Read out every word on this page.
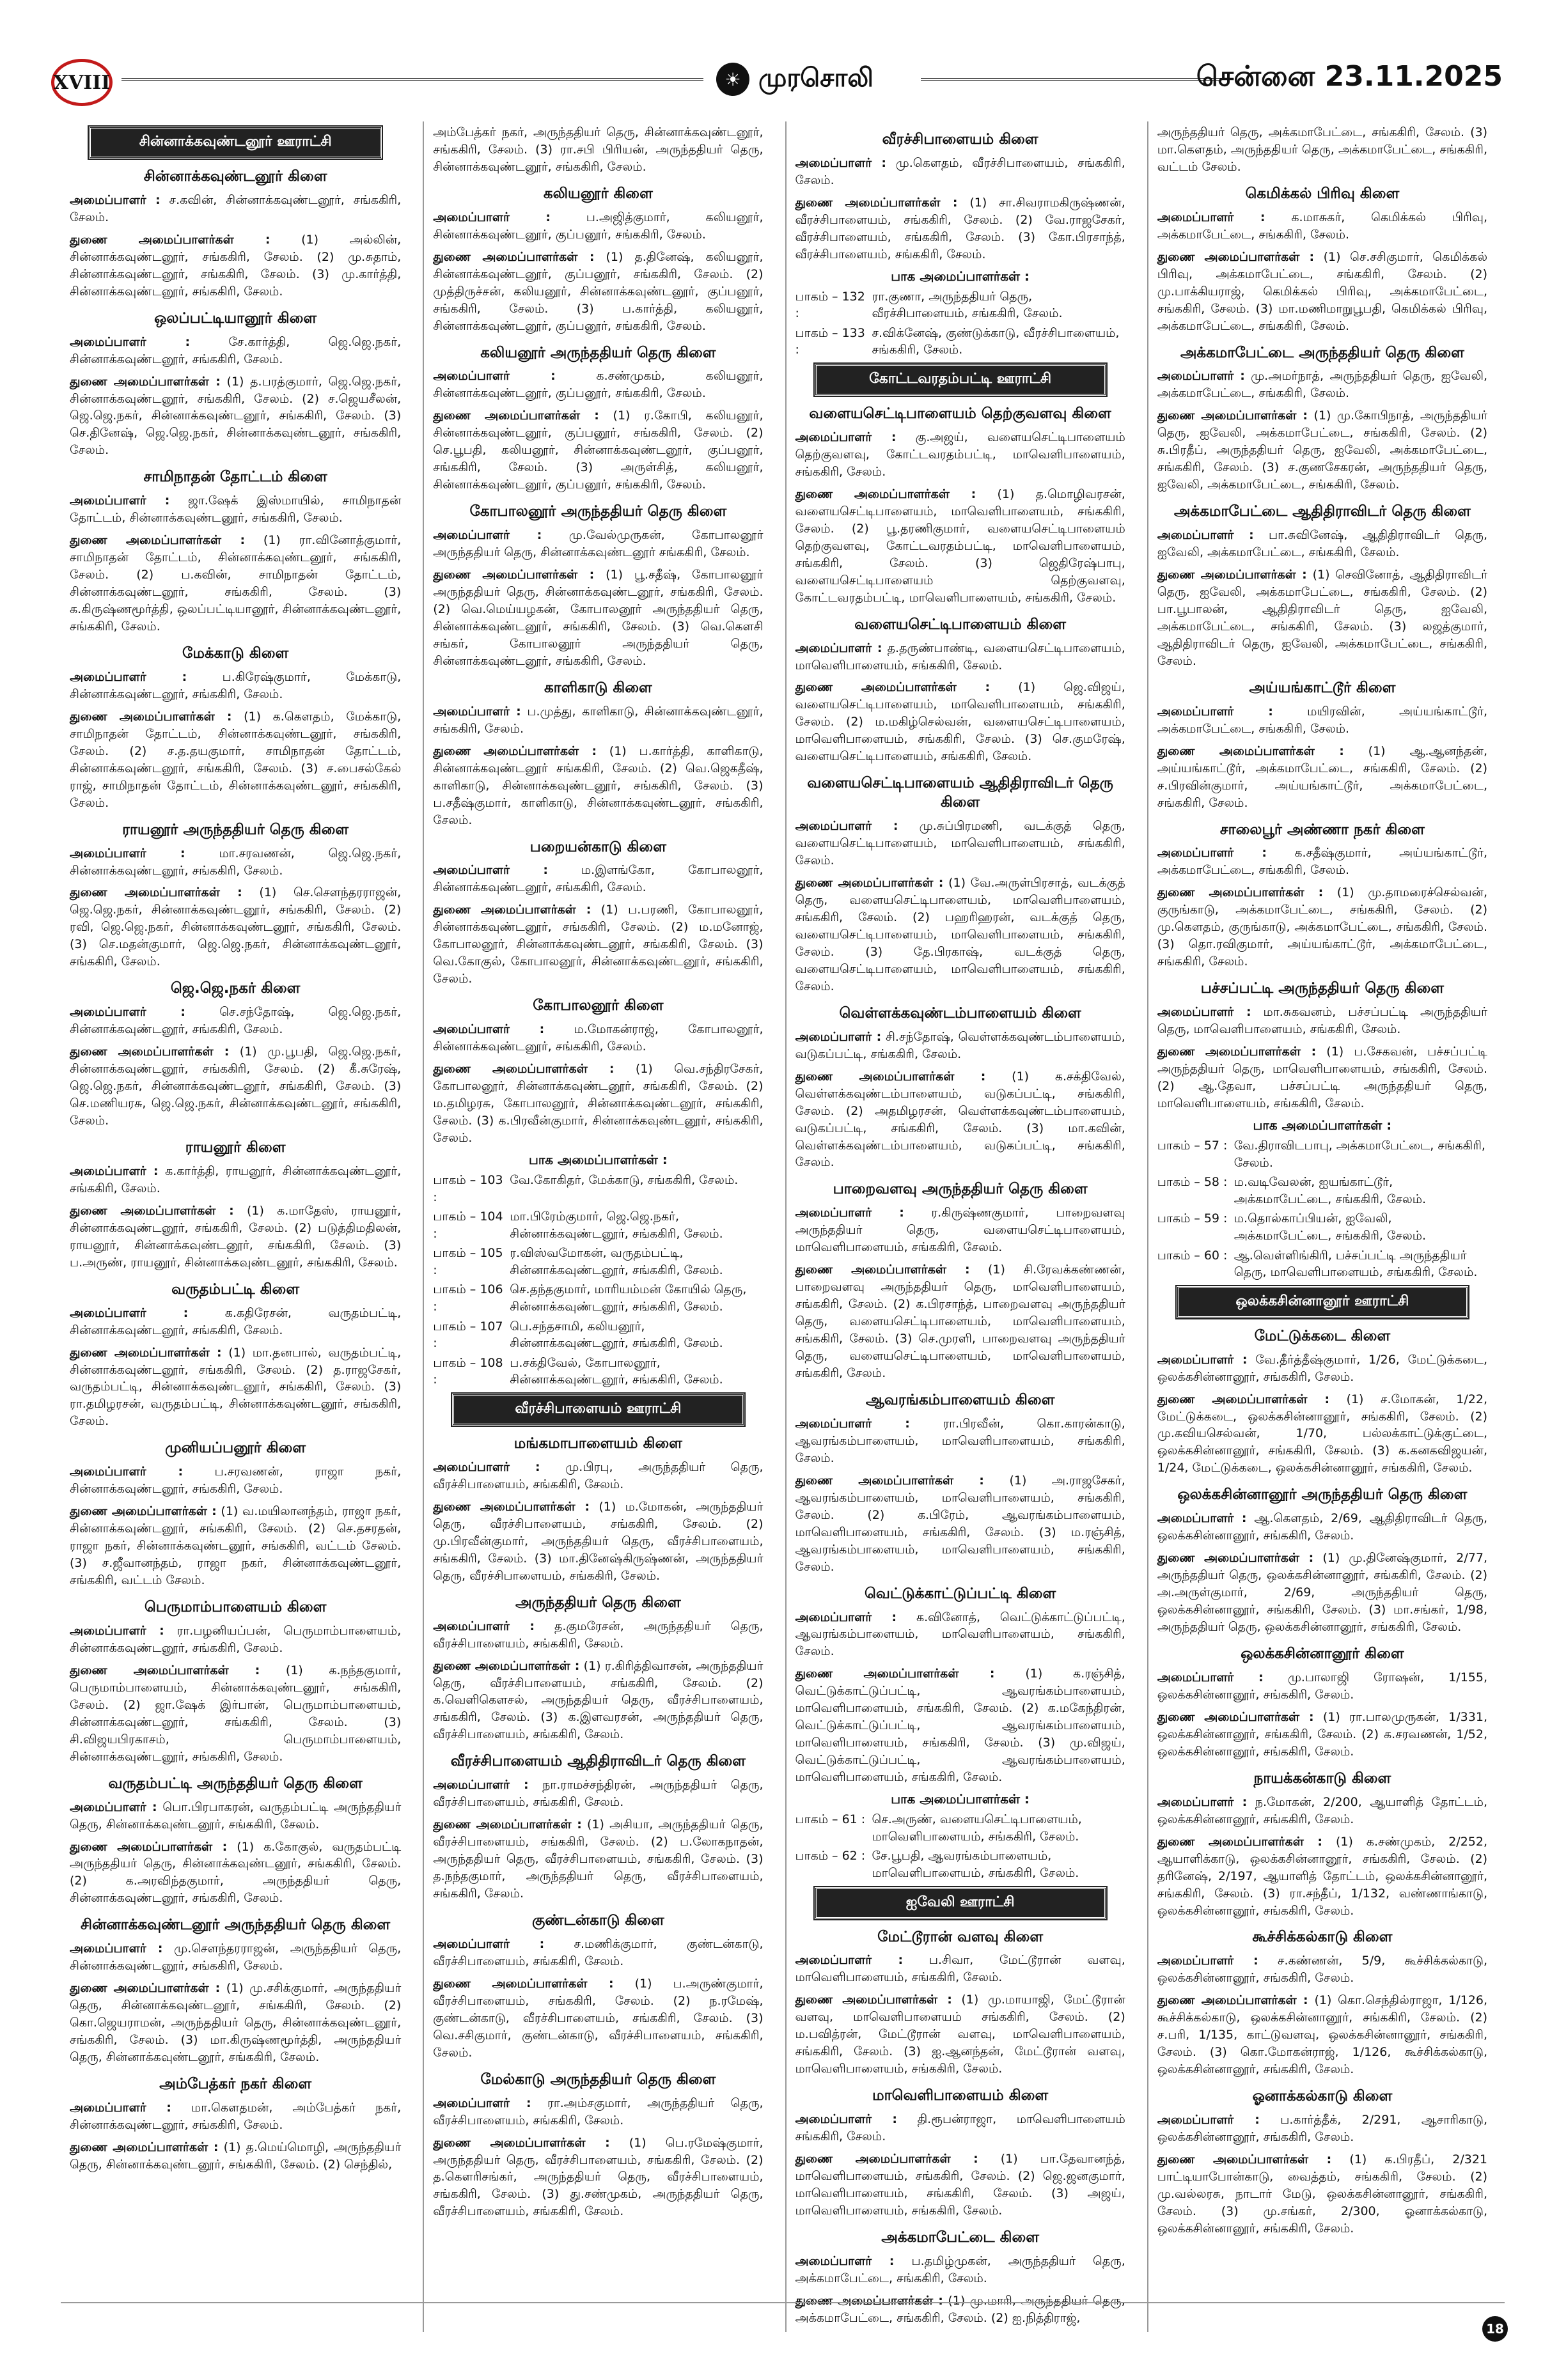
XVIII	☀ முரசொலி	சென்னை 23.11.2025
சின்னாக்கவுண்டனூர் ஊராட்சி
சின்னாக்கவுண்டனூர் கிளை
அமைப்பாளர் : ச.கவின், சின்னாக்கவுண்டனூர், சங்ககிரி, சேலம்.
துணை அமைப்பாளர்கள் :	(1) அல்லின், சின்னாக்கவுண்டனூர், சங்ககிரி, சேலம். (2) மு.சுதாம், சின்னாக்கவுண்டனூர், சங்ககிரி, சேலம். (3) மு.கார்த்தி, சின்னாக்கவுண்டனூர், சங்ககிரி, சேலம்.
ஒலப்பட்டியானூர் கிளை
அமைப்பாளர் :	சே.கார்த்தி, ஜெ.ஜெ.நகர், சின்னாக்கவுண்டனூர், சங்ககிரி, சேலம்.
துணை அமைப்பாளர்கள் : (1) த.பரத்குமார், ஜெ.ஜெ.நகர், சின்னாக்கவுண்டனூர், சங்ககிரி, சேலம். (2) ச.ஜெயசீலன், ஜெ.ஜெ.நகர், சின்னாக்கவுண்டனூர், சங்ககிரி, சேலம். (3) செ.தினேஷ், ஜெ.ஜெ.நகர், சின்னாக்கவுண்டனூர், சங்ககிரி, சேலம்.
சாமிநாதன் தோட்டம் கிளை
அமைப்பாளர் : ஜா.ஷேக் இஸ்மாயில், சாமிநாதன் தோட்டம், சின்னாக்கவுண்டனூர், சங்ககிரி, சேலம்.
துணை அமைப்பாளர்கள் : (1) ரா.வினோத்குமார், சாமிநாதன் தோட்டம், சின்னாக்கவுண்டனூர், சங்ககிரி, சேலம். (2) ப.கவின், சாமிநாதன் தோட்டம், சின்னாக்கவுண்டனூர், சங்ககிரி, சேலம். (3) க.கிருஷ்ணமூர்த்தி, ஒலப்பட்டியானூர், சின்னாக்கவுண்டனூர், சங்ககிரி, சேலம்.
மேக்காடு கிளை
அமைப்பாளர் :	ப.கிரேஷ்குமார், மேக்காடு, சின்னாக்கவுண்டனூர், சங்ககிரி, சேலம்.
துணை அமைப்பாளர்கள் : (1) க.கௌதம், மேக்காடு, சாமிநாதன் தோட்டம், சின்னாக்கவுண்டனூர், சங்ககிரி, சேலம். (2) ச.த.தயகுமார், சாமிநாதன் தோட்டம், சின்னாக்கவுண்டனூர், சங்ககிரி, சேலம். (3) ச.பைசல்கேல் ராஜ், சாமிநாதன் தோட்டம், சின்னாக்கவுண்டனூர், சங்ககிரி, சேலம்.
ராயனூர் அருந்ததியர் தெரு கிளை
அமைப்பாளர் :	மா.சரவணன், ஜெ.ஜெ.நகர், சின்னாக்கவுண்டனூர், சங்ககிரி, சேலம்.
துணை அமைப்பாளர்கள் : (1) செ.சௌந்தரராஜன், ஜெ.ஜெ.நகர், சின்னாக்கவுண்டனூர், சங்ககிரி, சேலம். (2) ரவி, ஜெ.ஜெ.நகர், சின்னாக்கவுண்டனூர், சங்ககிரி, சேலம். (3) செ.மதன்குமார், ஜெ.ஜெ.நகர், சின்னாக்கவுண்டனூர், சங்ககிரி, சேலம்.
ஜெ.ஜெ.நகர் கிளை
அமைப்பாளர் :	செ.சந்தோஷ், ஜெ.ஜெ.நகர், சின்னாக்கவுண்டனூர், சங்ககிரி, சேலம்.
துணை அமைப்பாளர்கள் : (1) மு.பூபதி, ஜெ.ஜெ.நகர், சின்னாக்கவுண்டனூர், சங்ககிரி, சேலம். (2) கீ.சுரேஷ், ஜெ.ஜெ.நகர், சின்னாக்கவுண்டனூர், சங்ககிரி, சேலம். (3) செ.மணியரசு, ஜெ.ஜெ.நகர், சின்னாக்கவுண்டனூர், சங்ககிரி, சேலம்.
ராயனூர் கிளை
அமைப்பாளர் : க.கார்த்தி, ராயனூர், சின்னாக்கவுண்டனூர், சங்ககிரி, சேலம்.
துணை அமைப்பாளர்கள் : (1) க.மாதேஸ், ராயனூர், சின்னாக்கவுண்டனூர், சங்ககிரி, சேலம். (2) படுத்திமதிலன், ராயனூர், சின்னாக்கவுண்டனூர், சங்ககிரி, சேலம். (3) ப.அருண், ராயனூர், சின்னாக்கவுண்டனூர், சங்ககிரி, சேலம்.
வருதம்பட்டி கிளை
அமைப்பாளர் :	க.கதிரேசன், வருதம்பட்டி, சின்னாக்கவுண்டனூர், சங்ககிரி, சேலம்.
துணை அமைப்பாளர்கள் : (1) மா.தனபால், வருதம்பட்டி, சின்னாக்கவுண்டனூர், சங்ககிரி, சேலம். (2) த.ராஜசேகர், வருதம்பட்டி, சின்னாக்கவுண்டனூர், சங்ககிரி, சேலம். (3) ரா.தமிழரசன், வருதம்பட்டி, சின்னாக்கவுண்டனூர், சங்ககிரி, சேலம்.
முனியப்பனூர் கிளை
அமைப்பாளர் :	ப.சரவணன், ராஜா நகர், சின்னாக்கவுண்டனூர், சங்ககிரி, சேலம்.
துணை அமைப்பாளர்கள் : (1) வ.மயிலானந்தம், ராஜா நகர், சின்னாக்கவுண்டனூர், சங்ககிரி, சேலம். (2) செ.தசரதன், ராஜா நகர், சின்னாக்கவுண்டனூர், சங்ககிரி, வட்டம் சேலம். (3) ச.ஜீவானந்தம், ராஜா நகர், சின்னாக்கவுண்டனூர், சங்ககிரி, வட்டம் சேலம்.
பெருமாம்பாளையம் கிளை
அமைப்பாளர் : ரா.பழனியப்பன், பெருமாம்பாளையம், சின்னாக்கவுண்டனூர், சங்ககிரி, சேலம்.
துணை அமைப்பாளர்கள் : (1) க.நந்தகுமார், பெருமாம்பாளையம், சின்னாக்கவுண்டனூர், சங்ககிரி, சேலம். (2) ஜா.ஷேக் இர்பான், பெருமாம்பாளையம், சின்னாக்கவுண்டனூர், சங்ககிரி, சேலம். (3) சி.விஜயபிரகாசம், பெருமாம்பாளையம், சின்னாக்கவுண்டனூர், சங்ககிரி, சேலம்.
வருதம்பட்டி அருந்ததியர் தெரு கிளை
அமைப்பாளர் : பொ.பிரபாகரன், வருதம்பட்டி அருந்ததியர் தெரு, சின்னாக்கவுண்டனூர், சங்ககிரி, சேலம்.
துணை அமைப்பாளர்கள் : (1) க.கோகுல், வருதம்பட்டி அருந்ததியர் தெரு, சின்னாக்கவுண்டனூர், சங்ககிரி, சேலம். (2) க.அரவிந்தகுமார், அருந்ததியர் தெரு, சின்னாக்கவுண்டனூர், சங்ககிரி, சேலம்.
சின்னாக்கவுண்டனூர் அருந்ததியர் தெரு கிளை
அமைப்பாளர் : மு.சௌந்தரராஜன், அருந்ததியர் தெரு, சின்னாக்கவுண்டனூர், சங்ககிரி, சேலம்.
துணை அமைப்பாளர்கள் : (1) மு.சசிக்குமார், அருந்ததியர் தெரு, சின்னாக்கவுண்டனூர், சங்ககிரி, சேலம். (2) கொ.ஜெயராமன், அருந்ததியர் தெரு, சின்னாக்கவுண்டனூர், சங்ககிரி, சேலம். (3) மா.கிருஷ்ணமூர்த்தி, அருந்ததியர் தெரு, சின்னாக்கவுண்டனூர், சங்ககிரி, சேலம்.
அம்பேத்கர் நகர் கிளை
அமைப்பாளர் : மா.கௌதமன், அம்பேத்கர் நகர், சின்னாக்கவுண்டனூர், சங்ககிரி, சேலம்.
துணை அமைப்பாளர்கள் : (1) த.மெய்மொழி, அருந்ததியர் தெரு, சின்னாக்கவுண்டனூர், சங்ககிரி, சேலம். (2) செந்தில்,
அம்பேத்கர் நகர், அருந்ததியர் தெரு, சின்னாக்கவுண்டனூர், சங்ககிரி, சேலம். (3) ரா.சபி பிரியன், அருந்ததியர் தெரு, சின்னாக்கவுண்டனூர், சங்ககிரி, சேலம்.
கலியனூர் கிளை
அமைப்பாளர் :	ப.அஜித்குமார், கலியனூர், சின்னாக்கவுண்டனூர், குப்பனூர், சங்ககிரி, சேலம்.
துணை அமைப்பாளர்கள் : (1) த.தினேஷ், கலியனூர், சின்னாக்கவுண்டனூர், குப்பனூர், சங்ககிரி, சேலம். (2) முத்திருச்சன், கலியனூர், சின்னாக்கவுண்டனூர், குப்பனூர், சங்ககிரி, சேலம். (3) ப.கார்த்தி, கலியனூர், சின்னாக்கவுண்டனூர், குப்பனூர், சங்ககிரி, சேலம்.
கலியனூர் அருந்ததியர் தெரு கிளை
அமைப்பாளர் :	க.சண்முகம், கலியனூர், சின்னாக்கவுண்டனூர், குப்பனூர், சங்ககிரி, சேலம்.
துணை அமைப்பாளர்கள் : (1) ர.கோபி, கலியனூர், சின்னாக்கவுண்டனூர், குப்பனூர், சங்ககிரி, சேலம். (2) செ.பூபதி, கலியனூர், சின்னாக்கவுண்டனூர், குப்பனூர், சங்ககிரி, சேலம். (3) அருள்சித், கலியனூர், சின்னாக்கவுண்டனூர், குப்பனூர், சங்ககிரி, சேலம்.
கோபாலனூர் அருந்ததியர் தெரு கிளை
அமைப்பாளர் : மு.வேல்முருகன், கோபாலனூர் அருந்ததியர் தெரு, சின்னாக்கவுண்டனூர் சங்ககிரி, சேலம்.
துணை அமைப்பாளர்கள் : (1) பூ.சதீஷ், கோபாலனூர் அருந்ததியர் தெரு, சின்னாக்கவுண்டனூர், சங்ககிரி, சேலம். (2) வெ.மெய்யழகன், கோபாலனூர் அருந்ததியர் தெரு, சின்னாக்கவுண்டனூர், சங்ககிரி, சேலம். (3) வெ.கௌசி சங்கர், கோபாலனூர் அருந்ததியர் தெரு, சின்னாக்கவுண்டனூர், சங்ககிரி, சேலம்.
காளிகாடு கிளை
அமைப்பாளர் : ப.முத்து, காளிகாடு, சின்னாக்கவுண்டனூர், சங்ககிரி, சேலம்.
துணை அமைப்பாளர்கள் : (1) ப.கார்த்தி, காளிகாடு, சின்னாக்கவுண்டனூர் சங்ககிரி, சேலம். (2) வெ.ஜெகதீஷ், காளிகாடு, சின்னாக்கவுண்டனூர், சங்ககிரி, சேலம். (3) ப.சதீஷ்குமார், காளிகாடு, சின்னாக்கவுண்டனூர், சங்ககிரி, சேலம்.
பறையன்காடு கிளை
அமைப்பாளர் :	ம.இளங்கோ, கோபாலனூர், சின்னாக்கவுண்டனூர், சங்ககிரி, சேலம்.
துணை அமைப்பாளர்கள் : (1) ப.பரணி, கோபாலனூர், சின்னாக்கவுண்டனூர், சங்ககிரி, சேலம். (2) ம.மனோஜ், கோபாலனூர், சின்னாக்கவுண்டனூர், சங்ககிரி, சேலம். (3) வெ.கோகுல், கோபாலனூர், சின்னாக்கவுண்டனூர், சங்ககிரி, சேலம்.
கோபாலனூர் கிளை
அமைப்பாளர் : ம.மோகன்ராஜ், கோபாலனூர், சின்னாக்கவுண்டனூர், சங்ககிரி, சேலம்.
துணை அமைப்பாளர்கள் : (1) வெ.சந்திரசேகர், கோபாலனூர், சின்னாக்கவுண்டனூர், சங்ககிரி, சேலம். (2) ம.தமிழரசு, கோபாலனூர், சின்னாக்கவுண்டனூர், சங்ககிரி, சேலம். (3) க.பிரவீன்குமார், சின்னாக்கவுண்டனூர், சங்ககிரி, சேலம்.
பாக அமைப்பாளர்கள் :
பாகம் – 103 :
வே.கோகிதர், மேக்காடு, சங்ககிரி, சேலம்.
பாகம் – 104 :
மா.பிரேம்குமார், ஜெ.ஜெ.நகர், சின்னாக்கவுண்டனூர், சங்ககிரி, சேலம்.
பாகம் – 105 :
ர.விஸ்வமோகன், வருதம்பட்டி, சின்னாக்கவுண்டனூர், சங்ககிரி, சேலம்.
பாகம் – 106 :
செ.தந்தகுமார், மாரியம்மன் கோயில் தெரு, சின்னாக்கவுண்டனூர், சங்ககிரி, சேலம்.
பாகம் – 107 :
பெ.சந்தசாமி, கலியனூர், சின்னாக்கவுண்டனூர், சங்ககிரி, சேலம்.
பாகம் – 108 :
ப.சக்திவேல், கோபாலனூர், சின்னாக்கவுண்டனூர், சங்ககிரி, சேலம்.
வீரச்சிபாளையம் ஊராட்சி
மங்கமாபாளையம் கிளை
அமைப்பாளர் : மு.பிரபு, அருந்ததியர் தெரு, வீரச்சிபாளையம், சங்ககிரி, சேலம்.
துணை அமைப்பாளர்கள் : (1) ம.மோகன், அருந்ததியர் தெரு, வீரச்சிபாளையம், சங்ககிரி, சேலம். (2) மு.பிரவீன்குமார், அருந்ததியர் தெரு, வீரச்சிபாளையம், சங்ககிரி, சேலம். (3) மா.தினேஷ்கிருஷ்ணன், அருந்ததியர் தெரு, வீரச்சிபாளையம், சங்ககிரி, சேலம்.
அருந்ததியர் தெரு கிளை
அமைப்பாளர் : த.குமரேசன், அருந்ததியர் தெரு, வீரச்சிபாளையம், சங்ககிரி, சேலம்.
துணை அமைப்பாளர்கள் : (1) ர.கிரித்திவாசன், அருந்ததியர் தெரு, வீரச்சிபாளையம், சங்ககிரி, சேலம். (2) க.வெளிகௌசல், அருந்ததியர் தெரு, வீரச்சிபாளையம், சங்ககிரி, சேலம். (3) க.இளவரசன், அருந்ததியர் தெரு, வீரச்சிபாளையம், சங்ககிரி, சேலம்.
வீரச்சிபாளையம் ஆதிதிராவிடர் தெரு கிளை
அமைப்பாளர் : நா.ராமச்சந்திரன், அருந்ததியர் தெரு, வீரச்சிபாளையம், சங்ககிரி, சேலம்.
துணை அமைப்பாளர்கள் : (1) அசியா, அருந்ததியர் தெரு, வீரச்சிபாளையம், சங்ககிரி, சேலம். (2) ப.லோகநாதன், அருந்ததியர் தெரு, வீரச்சிபாளையம், சங்ககிரி, சேலம். (3) த.நந்தகுமார், அருந்ததியர் தெரு, வீரச்சிபாளையம், சங்ககிரி, சேலம்.
குண்டன்காடு கிளை
அமைப்பாளர் : ச.மணிக்குமார், குண்டன்காடு, வீரச்சிபாளையம், சங்ககிரி, சேலம்.
துணை அமைப்பாளர்கள் : (1) ப.அருண்குமார், வீரச்சிபாளையம், சங்ககிரி, சேலம். (2) ந.ரமேஷ், குண்டன்காடு, வீரச்சிபாளையம், சங்ககிரி, சேலம். (3) வெ.சசிகுமார், குண்டன்காடு, வீரச்சிபாளையம், சங்ககிரி, சேலம்.
மேல்காடு அருந்ததியர் தெரு கிளை
அமைப்பாளர் : ரா.அம்சகுமார், அருந்ததியர் தெரு, வீரச்சிபாளையம், சங்ககிரி, சேலம்.
துணை அமைப்பாளர்கள் : (1) பெ.ரமேஷ்குமார், அருந்ததியர் தெரு, வீரச்சிபாளையம், சங்ககிரி, சேலம். (2) த.கௌரிசங்கர், அருந்ததியர் தெரு, வீரச்சிபாளையம், சங்ககிரி, சேலம். (3) து.சண்முகம், அருந்ததியர் தெரு, வீரச்சிபாளையம், சங்ககிரி, சேலம்.
வீரச்சிபாளையம் கிளை
அமைப்பாளர் : மு.கௌதம், வீரச்சிபாளையம், சங்ககிரி, சேலம்.
துணை அமைப்பாளர்கள் : (1) சா.சிவராமகிருஷ்ணன், வீரச்சிபாளையம், சங்ககிரி, சேலம். (2) வே.ராஜசேகர், வீரச்சிபாளையம், சங்ககிரி, சேலம். (3) கோ.பிரசாந்த், வீரச்சிபாளையம், சங்ககிரி, சேலம்.
பாக அமைப்பாளர்கள் :
பாகம் – 132 :
ரா.குணா, அருந்ததியர் தெரு, வீரச்சிபாளையம், சங்ககிரி, சேலம்.
பாகம் – 133 :
ச.விக்னேஷ், குண்டுக்காடு, வீரச்சிபாளையம், சங்ககிரி, சேலம்.
கோட்டவரதம்பட்டி ஊராட்சி
வளையசெட்டிபாளையம் தெற்குவளவு கிளை
அமைப்பாளர் : கு.அஜய், வளையசெட்டிபாளையம் தெற்குவளவு, கோட்டவரதம்பட்டி, மாவெளிபாளையம், சங்ககிரி, சேலம்.
துணை அமைப்பாளர்கள் : (1) த.மொழிவரசன், வளையசெட்டிபாளையம், மாவெளிபாளையம், சங்ககிரி, சேலம். (2) பூ.தரணிகுமார், வளையசெட்டிபாளையம் தெற்குவளவு, கோட்டவரதம்பட்டி, மாவெளிபாளையம், சங்ககிரி, சேலம். (3) ஜெதிரேஷ்பாபு, வளையசெட்டிபாளையம் தெற்குவளவு, கோட்டவரதம்பட்டி, மாவெளிபாளையம், சங்ககிரி, சேலம்.
வளையசெட்டிபாளையம் கிளை
அமைப்பாளர் : த.தருண்பாண்டி, வளையசெட்டிபாளையம், மாவெளிபாளையம், சங்ககிரி, சேலம்.
துணை அமைப்பாளர்கள் : (1) ஜெ.விஜய், வளையசெட்டிபாளையம், மாவெளிபாளையம், சங்ககிரி, சேலம். (2) ம.மகிழ்செல்வன், வளையசெட்டிபாளையம், மாவெளிபாளையம், சங்ககிரி, சேலம். (3) செ.குமரேஷ், வளையசெட்டிபாளையம், சங்ககிரி, சேலம்.
வளையசெட்டிபாளையம் ஆதிதிராவிடர் தெரு கிளை
அமைப்பாளர் : மு.சுப்பிரமணி, வடக்குத் தெரு, வளையசெட்டிபாளையம், மாவெளிபாளையம், சங்ககிரி, சேலம்.
துணை அமைப்பாளர்கள் : (1) வே.அருள்பிரசாத், வடக்குத் தெரு, வளையசெட்டிபாளையம், மாவெளிபாளையம், சங்ககிரி, சேலம். (2) பஹரிஹரன், வடக்குத் தெரு, வளையசெட்டிபாளையம், மாவெளிபாளையம், சங்ககிரி, சேலம். (3) தே.பிரகாஷ், வடக்குத் தெரு, வளையசெட்டிபாளையம், மாவெளிபாளையம், சங்ககிரி, சேலம்.
வெள்ளக்கவுண்டம்பாளையம் கிளை
அமைப்பாளர் : சி.சந்தோஷ், வெள்ளக்கவுண்டம்பாளையம், வடுகப்பட்டி, சங்ககிரி, சேலம்.
துணை அமைப்பாளர்கள் : (1) க.சக்திவேல், வெள்ளக்கவுண்டம்பாளையம், வடுகப்பட்டி, சங்ககிரி, சேலம். (2) அதமிழரசன், வெள்ளக்கவுண்டம்பாளையம், வடுகப்பட்டி, சங்ககிரி, சேலம். (3) மா.கவின், வெள்ளக்கவுண்டம்பாளையம், வடுகப்பட்டி, சங்ககிரி, சேலம்.
பாறைவளவு அருந்ததியர் தெரு கிளை
அமைப்பாளர் : ர.கிருஷ்ணகுமார், பாறைவளவு அருந்ததியர் தெரு, வளையசெட்டிபாளையம், மாவெளிபாளையம், சங்ககிரி, சேலம்.
துணை அமைப்பாளர்கள் : (1) சி.ரேவக்கண்ணன், பாறைவளவு அருந்ததியர் தெரு, மாவெளிபாளையம், சங்ககிரி, சேலம். (2) க.பிரசாந்த், பாறைவளவு அருந்ததியர் தெரு, வளையசெட்டிபாளையம், மாவெளிபாளையம், சங்ககிரி, சேலம். (3) செ.முரளி, பாறைவளவு அருந்ததியர் தெரு, வளையசெட்டிபாளையம், மாவெளிபாளையம், சங்ககிரி, சேலம்.
ஆவரங்கம்பாளையம் கிளை
அமைப்பாளர் :	ரா.பிரவீன், கொ.காரன்காடு, ஆவரங்கம்பாளையம், மாவெளிபாளையம், சங்ககிரி, சேலம்.
துணை அமைப்பாளர்கள் : (1) அ.ராஜசேகர், ஆவரங்கம்பாளையம், மாவெளிபாளையம், சங்ககிரி, சேலம். (2) க.பிரேம், ஆவரங்கம்பாளையம், மாவெளிபாளையம், சங்ககிரி, சேலம். (3) ம.ரஞ்சித், ஆவரங்கம்பாளையம், மாவெளிபாளையம், சங்ககிரி, சேலம்.
வெட்டுக்காட்டுப்பட்டி கிளை
அமைப்பாளர் : க.வினோத், வெட்டுக்காட்டுப்பட்டி, ஆவரங்கம்பாளையம், மாவெளிபாளையம், சங்ககிரி, சேலம்.
துணை அமைப்பாளர்கள் :	(1) க.ரஞ்சித், வெட்டுக்காட்டுப்பட்டி, ஆவரங்கம்பாளையம், மாவெளிபாளையம், சங்ககிரி, சேலம். (2) க.மகேந்திரன், வெட்டுக்காட்டுப்பட்டி, ஆவரங்கம்பாளையம், மாவெளிபாளையம், சங்ககிரி, சேலம். (3) மு.விஜய், வெட்டுக்காட்டுப்பட்டி, ஆவரங்கம்பாளையம், மாவெளிபாளையம், சங்ககிரி, சேலம்.
பாக அமைப்பாளர்கள் :
பாகம் – 61 : செ.அருண், வளையசெட்டிபாளையம், மாவெளிபாளையம், சங்ககிரி, சேலம்.
பாகம் – 62 : சே.பூபதி, ஆவரங்கம்பாளையம், மாவெளிபாளையம், சங்ககிரி, சேலம்.
ஐவேலி ஊராட்சி
மேட்டூரான் வளவு கிளை
அமைப்பாளர் : ப.சிவா, மேட்டூரான் வளவு, மாவெளிபாளையம், சங்ககிரி, சேலம்.
துணை அமைப்பாளர்கள் : (1) மு.மாயாஜி, மேட்டூரான் வளவு, மாவெளிபாளையம் சங்ககிரி, சேலம். (2) ம.பவித்ரன், மேட்டூரான் வளவு, மாவெளிபாளையம், சங்ககிரி, சேலம். (3) ஐ.ஆனந்தன், மேட்டூரான் வளவு, மாவெளிபாளையம், சங்ககிரி, சேலம்.
மாவெளிபாளையம் கிளை
அமைப்பாளர் : தி.ரூபன்ராஜா, மாவெளிபாளையம் சங்ககிரி, சேலம்.
துணை அமைப்பாளர்கள் : (1) பா.தேவானந்த், மாவெளிபாளையம், சங்ககிரி, சேலம். (2) ஜெ.ஜனகுமார், மாவெளிபாளையம், சங்ககிரி, சேலம். (3) அஜய், மாவெளிபாளையம், சங்ககிரி, சேலம்.
அக்கமாபேட்டை கிளை
அமைப்பாளர் : ப.தமிழ்முகன், அருந்ததியர் தெரு, அக்கமாபேட்டை, சங்ககிரி, சேலம்.
துணை அமைப்பாளர்கள் : (1) மு.மாரி, அருந்ததியர் தெரு, அக்கமாபேட்டை, சங்ககிரி, சேலம். (2) ஐ.நித்திராஜ்,
அருந்ததியர் தெரு, அக்கமாபேட்டை, சங்ககிரி, சேலம். (3) மா.கௌதம், அருந்ததியர் தெரு, அக்கமாபேட்டை, சங்ககிரி, வட்டம் சேலம்.
கெமிக்கல் பிரிவு கிளை
அமைப்பாளர் : க.மாசுகர், கெமிக்கல் பிரிவு, அக்கமாபேட்டை, சங்ககிரி, சேலம்.
துணை அமைப்பாளர்கள் : (1) செ.சசிகுமார், கெமிக்கல் பிரிவு, அக்கமாபேட்டை, சங்ககிரி, சேலம். (2) மு.பாக்கியராஜ், கெமிக்கல் பிரிவு, அக்கமாபேட்டை, சங்ககிரி, சேலம். (3) மா.மணிமாறுபூபதி, கெமிக்கல் பிரிவு, அக்கமாபேட்டை, சங்ககிரி, சேலம்.
அக்கமாபேட்டை அருந்ததியர் தெரு கிளை
அமைப்பாளர் : மு.அமர்நாத், அருந்ததியர் தெரு, ஐவேலி, அக்கமாபேட்டை, சங்ககிரி, சேலம்.
துணை அமைப்பாளர்கள் : (1) மு.கோபிநாத், அருந்ததியர் தெரு, ஐவேலி, அக்கமாபேட்டை, சங்ககிரி, சேலம். (2) சு.பிரதீப், அருந்ததியர் தெரு, ஐவேலி, அக்கமாபேட்டை, சங்ககிரி, சேலம். (3) ச.குணசேகரன், அருந்ததியர் தெரு, ஐவேலி, அக்கமாபேட்டை, சங்ககிரி, சேலம்.
அக்கமாபேட்டை ஆதிதிராவிடர் தெரு கிளை
அமைப்பாளர் : பா.சுவினேஷ், ஆதிதிராவிடர் தெரு, ஐவேலி, அக்கமாபேட்டை, சங்ககிரி, சேலம்.
துணை அமைப்பாளர்கள் : (1) செவினோத், ஆதிதிராவிடர் தெரு, ஐவேலி, அக்கமாபேட்டை, சங்ககிரி, சேலம். (2) பா.பூபாலன், ஆதிதிராவிடர் தெரு, ஐவேலி, அக்கமாபேட்டை, சங்ககிரி, சேலம். (3) லஜத்குமார், ஆதிதிராவிடர் தெரு, ஐவேலி, அக்கமாபேட்டை, சங்ககிரி, சேலம்.
அய்யங்காட்டூர் கிளை
அமைப்பாளர் :	மயிரவின், அய்யங்காட்டூர், அக்கமாபேட்டை, சங்ககிரி, சேலம்.
துணை அமைப்பாளர்கள் : (1) ஆ.ஆனந்தன், அய்யங்காட்டூர், அக்கமாபேட்டை, சங்ககிரி, சேலம். (2) ச.பிரவின்குமார், அய்யங்காட்டூர், அக்கமாபேட்டை, சங்ககிரி, சேலம்.
சாலைபூர் அண்ணா நகர் கிளை
அமைப்பாளர் : க.சதீஷ்குமார், அய்யங்காட்டூர், அக்கமாபேட்டை, சங்ககிரி, சேலம்.
துணை அமைப்பாளர்கள் : (1) மு.தாமரைச்செல்வன், குருங்காடு, அக்கமாபேட்டை, சங்ககிரி, சேலம். (2) மு.கௌதம், குருங்காடு, அக்கமாபேட்டை, சங்ககிரி, சேலம். (3) தொ.ரவிகுமார், அய்யங்காட்டூர், அக்கமாபேட்டை, சங்ககிரி, சேலம்.
பச்சப்பட்டி அருந்ததியர் தெரு கிளை
அமைப்பாளர் : மா.சுகவனம், பச்சப்பட்டி அருந்ததியர் தெரு, மாவெளிபாளையம், சங்ககிரி, சேலம்.
துணை அமைப்பாளர்கள் : (1) ப.சேகவன், பச்சப்பட்டி அருந்ததியர் தெரு, மாவெளிபாளையம், சங்ககிரி, சேலம். (2) ஆ.தேவா, பச்சப்பட்டி அருந்ததியர் தெரு, மாவெளிபாளையம், சங்ககிரி, சேலம்.
பாக அமைப்பாளர்கள் :
பாகம் – 57 : வே.திராவிடபாபு, அக்கமாபேட்டை, சங்ககிரி, சேலம்.
பாகம் – 58 : ம.வடிவேலன், ஐயங்காட்டூர், அக்கமாபேட்டை, சங்ககிரி, சேலம்.
பாகம் – 59 : ம.தொல்காப்பியன், ஐவேலி, அக்கமாபேட்டை, சங்ககிரி, சேலம்.
பாகம் – 60 : ஆ.வெள்ளிங்கிரி, பச்சப்பட்டி அருந்ததியர் தெரு, மாவெளிபாளையம், சங்ககிரி, சேலம்.
ஒலக்கசின்னானூர் ஊராட்சி
மேட்டுக்கடை கிளை
அமைப்பாளர் : வே.தீர்த்தீஷ்குமார், 1/26, மேட்டுக்கடை, ஒலக்கசின்னானூர், சங்ககிரி, சேலம்.
துணை அமைப்பாளர்கள் : (1) ச.மோகன், 1/22, மேட்டுக்கடை, ஒலக்கசின்னானூர், சங்ககிரி, சேலம். (2) மு.கவியசெல்வன், 1/70, பல்லக்காட்டுக்குட்டை, ஒலக்கசின்னானூர், சங்ககிரி, சேலம். (3) க.கனகவிஜயன், 1/24, மேட்டுக்கடை, ஒலக்கசின்னானூர், சங்ககிரி, சேலம்.
ஒலக்கசின்னானூர் அருந்ததியர் தெரு கிளை
அமைப்பாளர் : ஆ.கௌதம், 2/69, ஆதிதிராவிடர் தெரு, ஒலக்கசின்னானூர், சங்ககிரி, சேலம்.
துணை அமைப்பாளர்கள் : (1) மு.தினேஷ்குமார், 2/77, அருந்ததியர் தெரு, ஒலக்கசின்னானூர், சங்ககிரி, சேலம். (2) அ.அருள்குமார், 2/69, அருந்ததியர் தெரு, ஒலக்கசின்னானூர், சங்ககிரி, சேலம். (3) மா.சங்கர், 1/98, அருந்ததியர் தெரு, ஒலக்கசின்னானூர், சங்ககிரி, சேலம்.
ஒலக்கசின்னானூர் கிளை
அமைப்பாளர் : மு.பாலாஜி ரோஷன், 1/155, ஒலக்கசின்னானூர், சங்ககிரி, சேலம்.
துணை அமைப்பாளர்கள் : (1) ரா.பாலமுருகன், 1/331, ஒலக்கசின்னானூர், சங்ககிரி, சேலம். (2) க.சரவணன், 1/52, ஒலக்கசின்னானூர், சங்ககிரி, சேலம்.
நாயக்கன்காடு கிளை
அமைப்பாளர் : ந.மோகன், 2/200, ஆயாளித் தோட்டம், ஒலக்கசின்னானூர், சங்ககிரி, சேலம்.
துணை அமைப்பாளர்கள் : (1) க.சண்முகம், 2/252, ஆயாளிக்காடு, ஒலக்கசின்னானூர், சங்ககிரி, சேலம். (2) தரினேஷ், 2/197, ஆயாளித் தோட்டம், ஒலக்கசின்னானூர், சங்ககிரி, சேலம். (3) ரா.சந்தீப், 1/132, வண்ணாங்காடு, ஒலக்கசின்னானூர், சங்ககிரி, சேலம்.
கூச்சிக்கல்காடு கிளை
அமைப்பாளர் : ச.கண்ணன், 5/9, கூச்சிக்கல்காடு, ஒலக்கசின்னானூர், சங்ககிரி, சேலம்.
துணை அமைப்பாளர்கள் : (1) கொ.செந்தில்ராஜா, 1/126, கூச்சிக்கல்காடு, ஒலக்கசின்னானூர், சங்ககிரி, சேலம். (2) ச.பரி, 1/135, காட்டுவளவு, ஒலக்கசின்னானூர், சங்ககிரி, சேலம். (3) கொ.மோகன்ராஜ், 1/126, கூச்சிக்கல்காடு, ஒலக்கசின்னானூர், சங்ககிரி, சேலம்.
ஓனாக்கல்காடு கிளை
அமைப்பாளர் : ப.கார்த்தீக், 2/291, ஆசாரிகாடு, ஒலக்கசின்னானூர், சங்ககிரி, சேலம்.
துணை அமைப்பாளர்கள் : (1) க.பிரதீப், 2/321 பாட்டியாபோன்காடு, வைத்தம், சங்ககிரி, சேலம். (2) மு.வல்லரசு, நாடார் மேடு, ஒலக்கசின்னானூர், சங்ககிரி, சேலம். (3) மு.சங்கர், 2/300, ஓனாக்கல்காடு, ஒலக்கசின்னானூர், சங்ககிரி, சேலம்.
18
